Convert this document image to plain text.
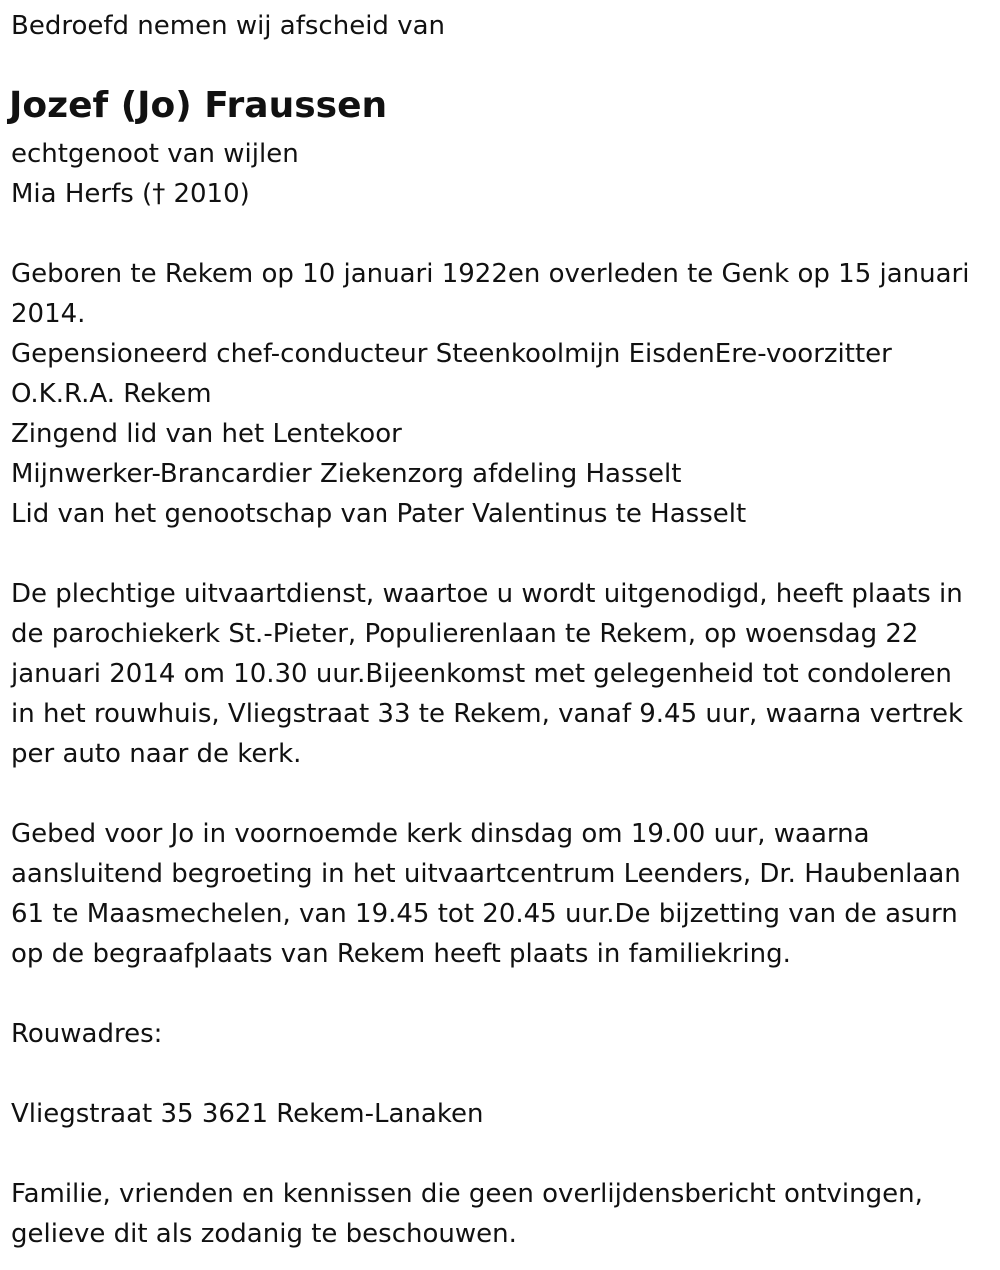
Bedroefd nemen wij afscheid van
Jozef (Jo) Fraussen
echtgenoot van wijlen
Mia Herfs († 2010)
Geboren te Rekem op 10 januari 1922en overleden te Genk op 15 januari
2014.
Gepensioneerd chef-conducteur Steenkoolmijn EisdenEre-voorzitter
O.K.R.A. Rekem
Zingend lid van het Lentekoor
Mijnwerker-Brancardier Ziekenzorg afdeling Hasselt
Lid van het genootschap van Pater Valentinus te Hasselt
De plechtige uitvaartdienst, waartoe u wordt uitgenodigd, heeft plaats in
de parochiekerk St.-Pieter, Populierenlaan te Rekem, op woensdag 22
januari 2014 om 10.30 uur.Bijeenkomst met gelegenheid tot condoleren
in het rouwhuis, Vliegstraat 33 te Rekem, vanaf 9.45 uur, waarna vertrek
per auto naar de kerk.
Gebed voor Jo in voornoemde kerk dinsdag om 19.00 uur, waarna
aansluitend begroeting in het uitvaartcentrum Leenders, Dr. Haubenlaan
61 te Maasmechelen, van 19.45 tot 20.45 uur.De bijzetting van de asurn
op de begraafplaats van Rekem heeft plaats in familiekring.
Rouwadres:
Vliegstraat 35 3621 Rekem-Lanaken
Familie, vrienden en kennissen die geen overlijdensbericht ontvingen,
gelieve dit als zodanig te beschouwen.
